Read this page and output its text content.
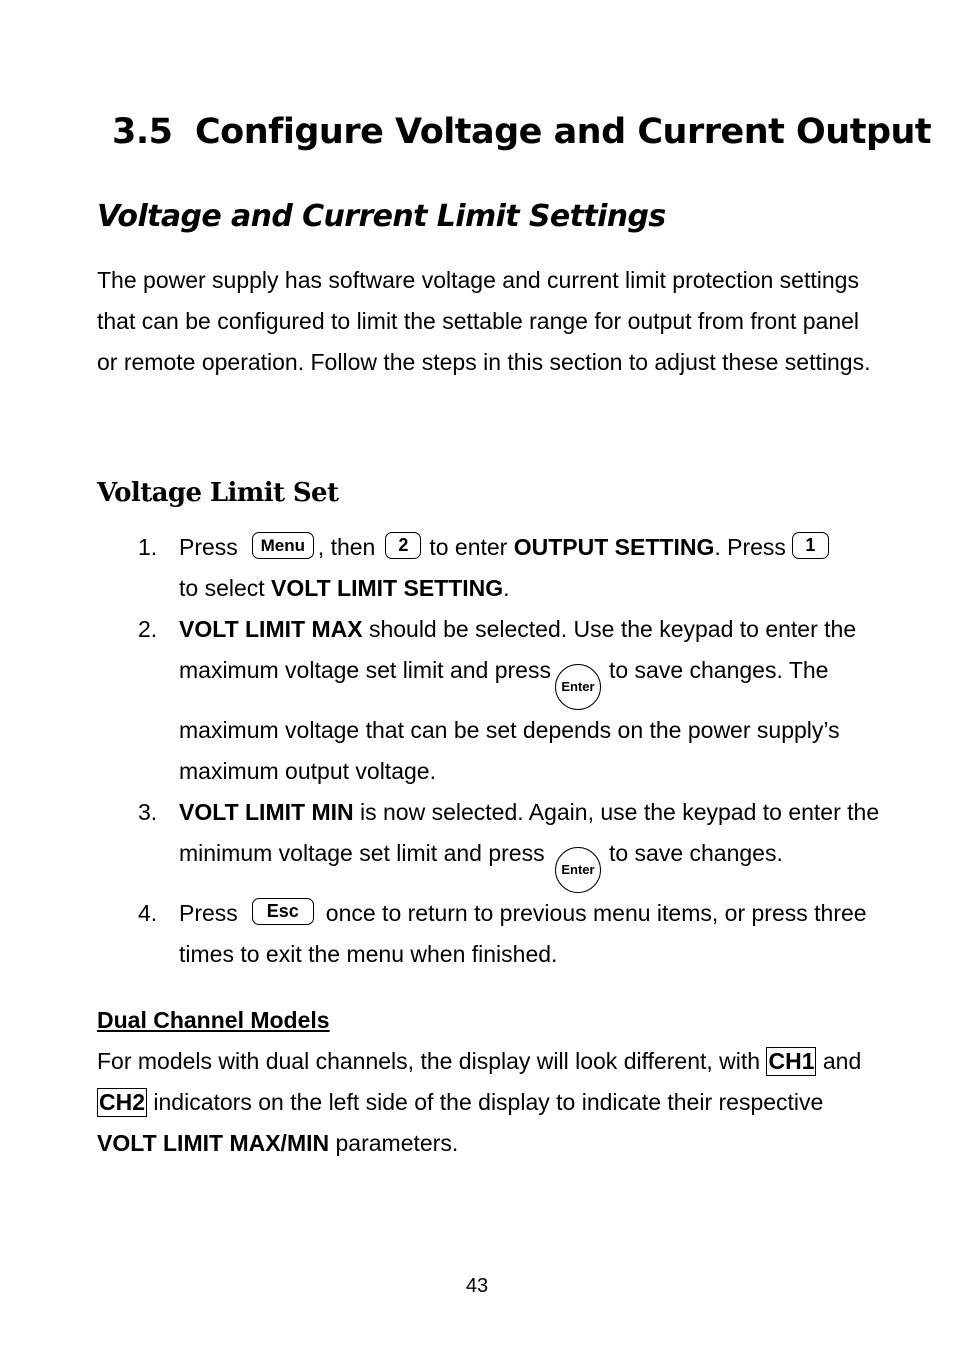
3.5 Configure Voltage and Current Output
Voltage and Current Limit Settings

The power supply has software voltage and current limit protection settings that can be configured to limit the settable range for output from front panel or remote operation. Follow the steps in this section to adjust these settings.

Voltage Limit Set
1. Press Menu , then 2 to enter OUTPUT SETTING. Press 1
to select VOLT LIMIT SETTING.
2. VOLT LIMIT MAX should be selected. Use the keypad to enter the maximum voltage set limit and pressEnterto save changes. The maximum voltage that can be set depends on the power supply’s maximum output voltage.
3. VOLT LIMIT MIN is now selected. Again, use the keypad to enter the minimum voltage set limit and press Enterto save changes.
4. Press Esc once to return to previous menu items, or press three times to exit the menu when finished.
Dual Channel Models

For models with dual channels, the display will look different, with CH1 and CH2 indicators on the left side of the display to indicate their respective VOLT LIMIT MAX/MIN parameters.

43
